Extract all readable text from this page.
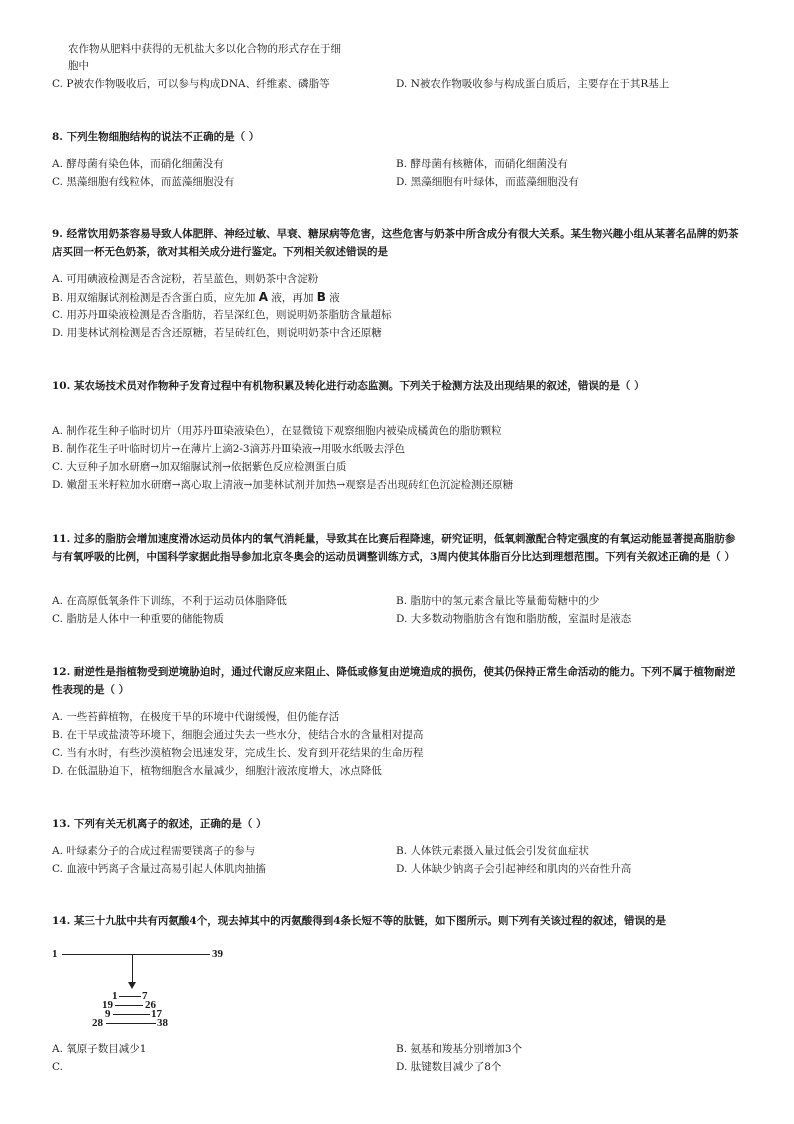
农作物从肥料中获得的无机盐大多以化合物的形式存在于细
胞中
C. P被农作物吸收后，可以参与构成DNA、纤维素、磷脂等	D. N被农作物吸收参与构成蛋白质后，主要存在于其R基上
8. 下列生物细胞结构的说法不正确的是（ ）
A. 酵母菌有染色体，而硝化细菌没有	B. 酵母菌有核糖体，而硝化细菌没有
C. 黑藻细胞有线粒体，而蓝藻细胞没有	D. 黑藻细胞有叶绿体，而蓝藻细胞没有
9. 经常饮用奶茶容易导致人体肥胖、神经过敏、早衰、糖尿病等危害，这些危害与奶茶中所含成分有很大关系。某生物兴趣小组从某著名品牌的奶茶店买回一杯无色奶茶，欲对其相关成分进行鉴定。下列相关叙述错误的是
A. 可用碘液检测是否含淀粉，若呈蓝色，则奶茶中含淀粉
B. 用双缩脲试剂检测是否含蛋白质，应先加 A 液，再加 B 液
C. 用苏丹Ⅲ染液检测是否含脂肪，若呈深红色，则说明奶茶脂肪含量超标
D. 用斐林试剂检测是否含还原糖，若呈砖红色，则说明奶茶中含还原糖
10. 某农场技术员对作物种子发育过程中有机物积累及转化进行动态监测。下列关于检测方法及出现结果的叙述，错误的是（ ）
A. 制作花生种子临时切片（用苏丹Ⅲ染液染色），在显微镜下观察细胞内被染成橘黄色的脂肪颗粒
B. 制作花生子叶临时切片→在薄片上滴2-3滴苏丹Ⅲ染液→用吸水纸吸去浮色
C. 大豆种子加水研磨→加双缩脲试剂→依据紫色反应检测蛋白质
D. 嫩甜玉米籽粒加水研磨→离心取上清液→加斐林试剂并加热→观察是否出现砖红色沉淀检测还原糖
11. 过多的脂肪会增加速度滑冰运动员体内的氧气消耗量，导致其在比赛后程降速，研究证明，低氧刺激配合特定强度的有氧运动能显著提高脂肪参与有氧呼吸的比例，中国科学家据此指导参加北京冬奥会的运动员调整训练方式，3周内使其体脂百分比达到理想范围。下列有关叙述正确的是（ ）
A. 在高原低氧条件下训练，不利于运动员体脂降低	B. 脂肪中的氢元素含量比等量葡萄糖中的少
C. 脂肪是人体中一种重要的储能物质	D. 大多数动物脂肪含有饱和脂肪酸，室温时是液态
12. 耐逆性是指植物受到逆境胁迫时，通过代谢反应来阻止、降低或修复由逆境造成的损伤，使其仍保持正常生命活动的能力。下列不属于植物耐逆性表现的是（ ）
A. 一些苔藓植物，在极度干旱的环境中代谢缓慢，但仍能存活
B. 在干旱或盐渍等环境下，细胞会通过失去一些水分，使结合水的含量相对提高
C. 当有水时，有些沙漠植物会迅速发芽，完成生长、发育到开花结果的生命历程
D. 在低温胁迫下，植物细胞含水量减少，细胞汁液浓度增大，冰点降低
13. 下列有关无机离子的叙述，正确的是（ ）
A. 叶绿素分子的合成过程需要镁离子的参与	B. 人体铁元素摄入量过低会引发贫血症状
C. 血液中钙离子含量过高易引起人体肌肉抽搐	D. 人体缺少钠离子会引起神经和肌肉的兴奋性升高
14. 某三十九肽中共有丙氨酸4个，现去掉其中的丙氨酸得到4条长短不等的肽链，如下图所示。则下列有关该过程的叙述，错误的是
1	39
1 7
19	26
9	17
28	38
A. 氧原子数目减少1	B. 氨基和羧基分别增加3个
C.	D. 肽键数目减少了8个
